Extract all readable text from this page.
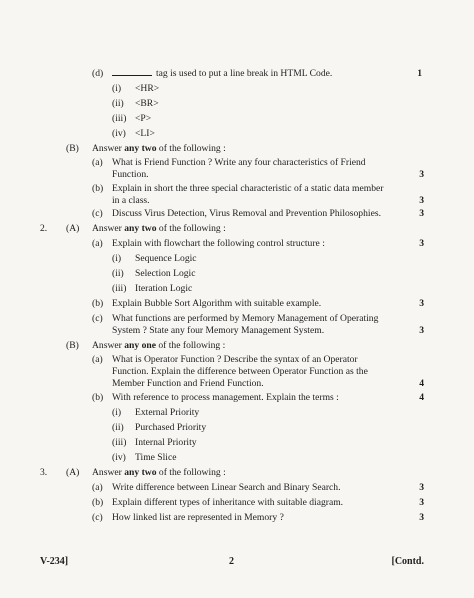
(d)	tag is used to put a line break in HTML Code.	1
(i) <HR>
(ii) <BR>
(iii) <P>
(iv) <LI>
(B) Answer any two of the following :
(a) What is Friend Function ? Write any four characteristics of Friend
Function.	3
(b) Explain in short the three special characteristic of a static data member
in a class.	3
(c) Discuss Virus Detection, Virus Removal and Prevention Philosophies.	3
2. (A) Answer any two of the following :
(a) Explain with flowchart the following control structure :	3
(i) Sequence Logic
(ii) Selection Logic
(iii) Iteration Logic
(b) Explain Bubble Sort Algorithm with suitable example.	3
(c) What functions are performed by Memory Management of Operating
System ? State any four Memory Management System.	3
(B) Answer any one of the following :
(a) What is Operator Function ? Describe the syntax of an Operator
Function. Explain the difference between Operator Function as the
Member Function and Friend Function.	4
(b) With reference to process management. Explain the terms :	4
(i) External Priority
(ii) Purchased Priority
(iii) Internal Priority
(iv) Time Slice
3. (A) Answer any two of the following :
(a) Write difference between Linear Search and Binary Search.	3
(b) Explain different types of inheritance with suitable diagram.	3
(c) How linked list are represented in Memory ?	3
V-234]	2	[Contd.
